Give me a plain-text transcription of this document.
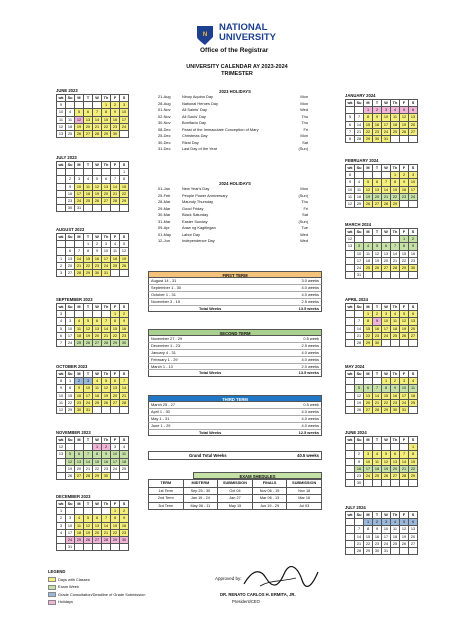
N
NATIONAL
UNIVERSITY
Office of the Registrar
UNIVERSITY CALENDAR AY 2023-2024
TRIMESTER
JUNE 2023
wk	Su	M	T	W	Th	F	S
9					1	2	3
10	4	5	6	7	8	9	10
11	11	12	13	14	15	16	17
12	18	19	20	21	22	23	24
13	25	26	27	28	29	30	
JULY 2023
wk	Su	M	T	W	Th	F	S
							1
	2	3	4	5	6	7	8
	9	10	11	12	13	14	15
	16	17	18	19	20	21	22
	23	24	25	26	27	28	29
	30	31					
AUGUST 2023
wk	Su	M	T	W	Th	F	S
			1	2	3	4	5
	6	7	8	9	10	11	12
1	13	14	15	16	17	18	19
2	20	21	22	23	24	25	26
3	27	28	29	30	31		
SEPTEMBER 2023
wk	Su	M	T	W	Th	F	S
3						1	2
4	3	4	5	6	7	8	9
5	10	11	12	13	14	15	16
6	17	18	19	20	21	22	23
7	24	25	26	27	28	29	30
OCTOBER 2023
wk	Su	M	T	W	Th	F	S
8	1	2	3	4	5	6	7
9	8	9	10	11	12	13	14
10	15	16	17	18	19	20	21
11	22	23	24	25	26	27	28
12	29	30	31				
NOVEMBER 2023
wk	Su	M	T	W	Th	F	S
12				1	2	3	4
13	5	6	7	8	9	10	11
	12	13	14	15	16	17	18
	19	20	21	22	23	24	25
	26	27	28	29	30		
DECEMBER 2023
wk	Su	M	T	W	Th	F	S
1						1	2
2	3	4	5	6	7	8	9
3	10	11	12	13	14	15	16
4	17	18	19	20	21	22	23
	24	25	26	27	28	29	30
	31						
JANUARY 2024
wk	Su	M	T	W	Th	F	S
		1	2	3	4	5	6
5	7	8	9	10	11	12	13
6	14	15	16	17	18	19	20
7	21	22	23	24	25	26	27
8	28	29	30	31			
FEBRUARY 2024
wk	Su	M	T	W	Th	F	S
8					1	2	3
9	4	5	6	7	8	9	10
10	11	12	13	14	15	16	17
11	18	19	20	21	22	23	24
12	25	26	27	28	29		
MARCH 2024
wk	Su	M	T	W	Th	F	S
12						1	2
13	3	4	5	6	7	8	9
	10	11	12	13	14	15	16
	17	18	19	20	21	22	23
	24	25	26	27	28	29	30
	31						
APRIL 2024
wk	Su	M	T	W	Th	F	S
		1	2	3	4	5	6
	7	8	9	10	11	12	13
	14	15	16	17	18	19	20
	21	22	23	24	25	26	27
	28	29	30				
MAY 2024
wk	Su	M	T	W	Th	F	S
				1	2	3	4
	5	6	7	8	9	10	11
	12	13	14	15	16	17	18
	19	20	21	22	23	24	25
	26	27	28	29	30	31	
JUNE 2024
wk	Su	M	T	W	Th	F	S
							1
	2	3	4	5	6	7	8
	9	10	11	12	13	14	15
	16	17	18	19	20	21	22
	23	24	25	26	27	28	29
	30						
JULY 2024
wk	Su	M	T	W	Th	F	S
		1	2	3	4	5	6
	7	8	9	10	11	12	13
	14	15	16	17	18	19	20
	21	22	23	24	25	26	27
	28	29	30	31			
2023 HOLIDAYS
21-Aug	Ninoy Aquino Day	Mon
28-Aug	National Heroes Day	Mon
01-Nov	All Saints' Day	Wed
02-Nov	All Souls' Day	Thu
30-Nov	Bonifacio Day	Thu
08-Dec	Feast of the Immaculate Conception of Mary	Fri
25-Dec	Christmas Day	Mon
30-Dec	Rizal Day	Sat
31-Dec	Last Day of the Year	(Sun)
2024 HOLIDAYS
01-Jan	New Year's Day	Mon
25-Feb	People Power Anniversary	(Sun)
28-Mar	Maundy Thursday	Thu
29-Mar	Good Friday	Fri
30-Mar	Black Saturday	Sat
31-Mar	Easter Sunday	(Sun)
09-Apr	Araw ng Kagitingan	Tue
01-May	Labor Day	Wed
12-Jun	Independence Day	Wed
FIRST TERM
August 14 - 31	3.0 weeks
September 1 - 30	4.0 weeks
October 1 - 31	4.0 weeks
November 3 - 15	2.5 weeks
Total Weeks	13.5 weeks
SECOND TERM
November 27 - 29	0.5 week
December 1 - 23	2.5 weeks
January 4 - 31	4.0 weeks
February 1 - 29	4.0 weeks
March 1 - 13	2.0 weeks
Total Weeks	13.5 weeks
THIRD TERM
March 25 - 27	0.5 week
April 1 - 30	4.0 weeks
May 1 - 31	4.0 weeks
June 1 - 29	4.0 weeks
Total Weeks	12.5 weeks
Grand Total Weeks	40.5 weeks
EXAM SHEDULES
TERM	MIDTERM	SUBMISSION	FINALS	SUBMISSION
1st Term	Sep 25 - 30	Oct 04	Nov 06 - 15	Nov 18
2nd Term	Jan 19 - 24	Jan 27	Mar 06 - 13	Mar 16
3rd Term	May 06 - 11	May 15	Jun 19 - 29	Jul 03
LEGEND
Days with Classes
Exam Week
Grade Consultation/Deadline of Grade Submission
Holidays
Approved by:
DR. RENATO CARLOS H. ERMITA, JR.
President/CEO
